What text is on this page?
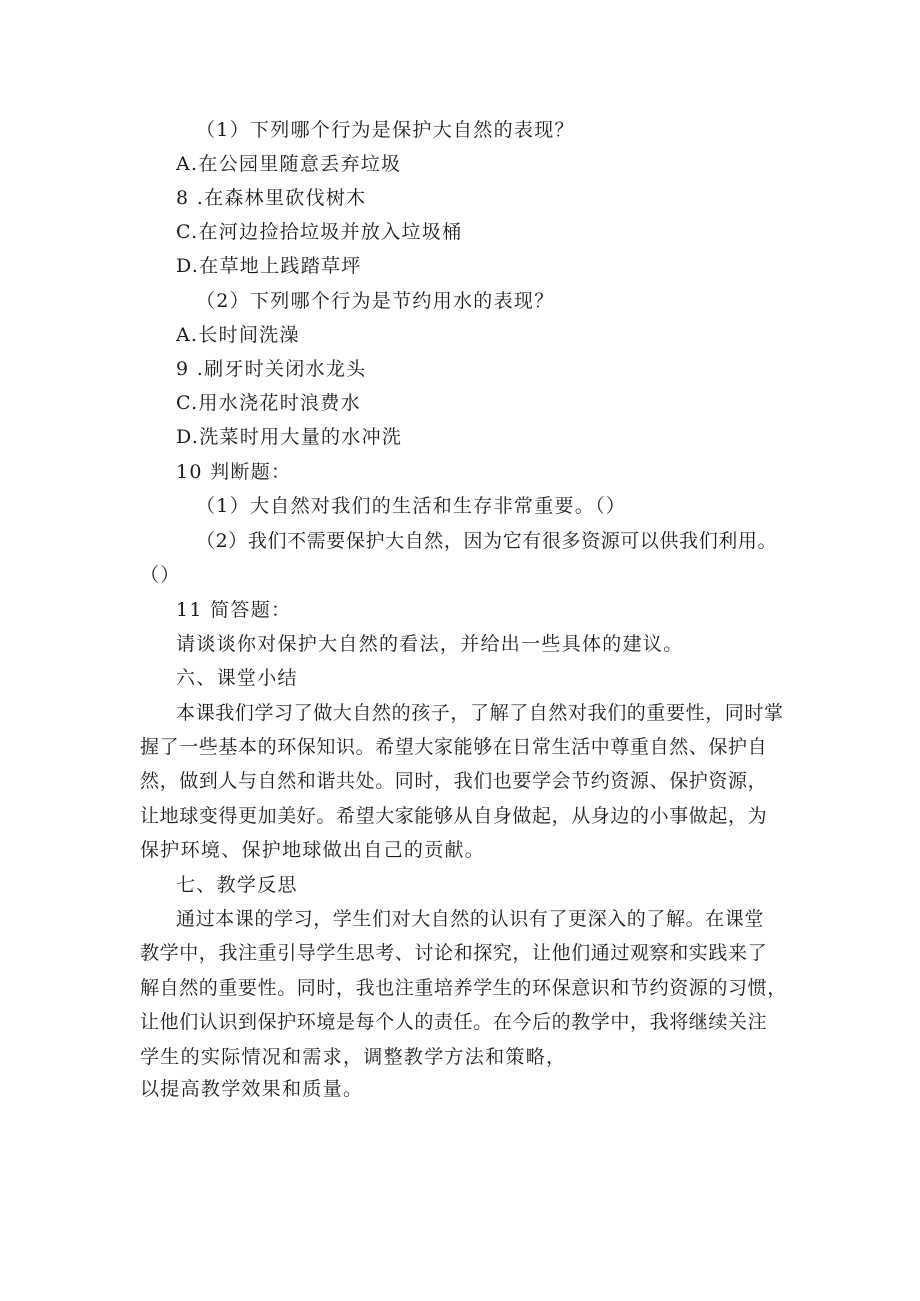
（1）下列哪个行为是保护大自然的表现？
A.在公园里随意丢弃垃圾
8 .在森林里砍伐树木
C.在河边捡拾垃圾并放入垃圾桶
D.在草地上践踏草坪
（2）下列哪个行为是节约用水的表现？
A.长时间洗澡
9 .刷牙时关闭水龙头
C.用水浇花时浪费水
D.洗菜时用大量的水冲洗
10 判断题：
（1）大自然对我们的生活和生存非常重要。（）
（2）我们不需要保护大自然，因为它有很多资源可以供我们利用。
（）
11 简答题：
请谈谈你对保护大自然的看法，并给出一些具体的建议。
六、课堂小结
本课我们学习了做大自然的孩子，了解了自然对我们的重要性，同时掌
握了一些基本的环保知识。希望大家能够在日常生活中尊重自然、保护自
然，做到人与自然和谐共处。同时，我们也要学会节约资源、保护资源，
让地球变得更加美好。希望大家能够从自身做起，从身边的小事做起，为
保护环境、保护地球做出自己的贡献。
七、教学反思
通过本课的学习，学生们对大自然的认识有了更深入的了解。在课堂
教学中，我注重引导学生思考、讨论和探究，让他们通过观察和实践来了
解自然的重要性。同时，我也注重培养学生的环保意识和节约资源的习惯，
让他们认识到保护环境是每个人的责任。在今后的教学中，我将继续关注
学生的实际情况和需求，调整教学方法和策略，
以提高教学效果和质量。
